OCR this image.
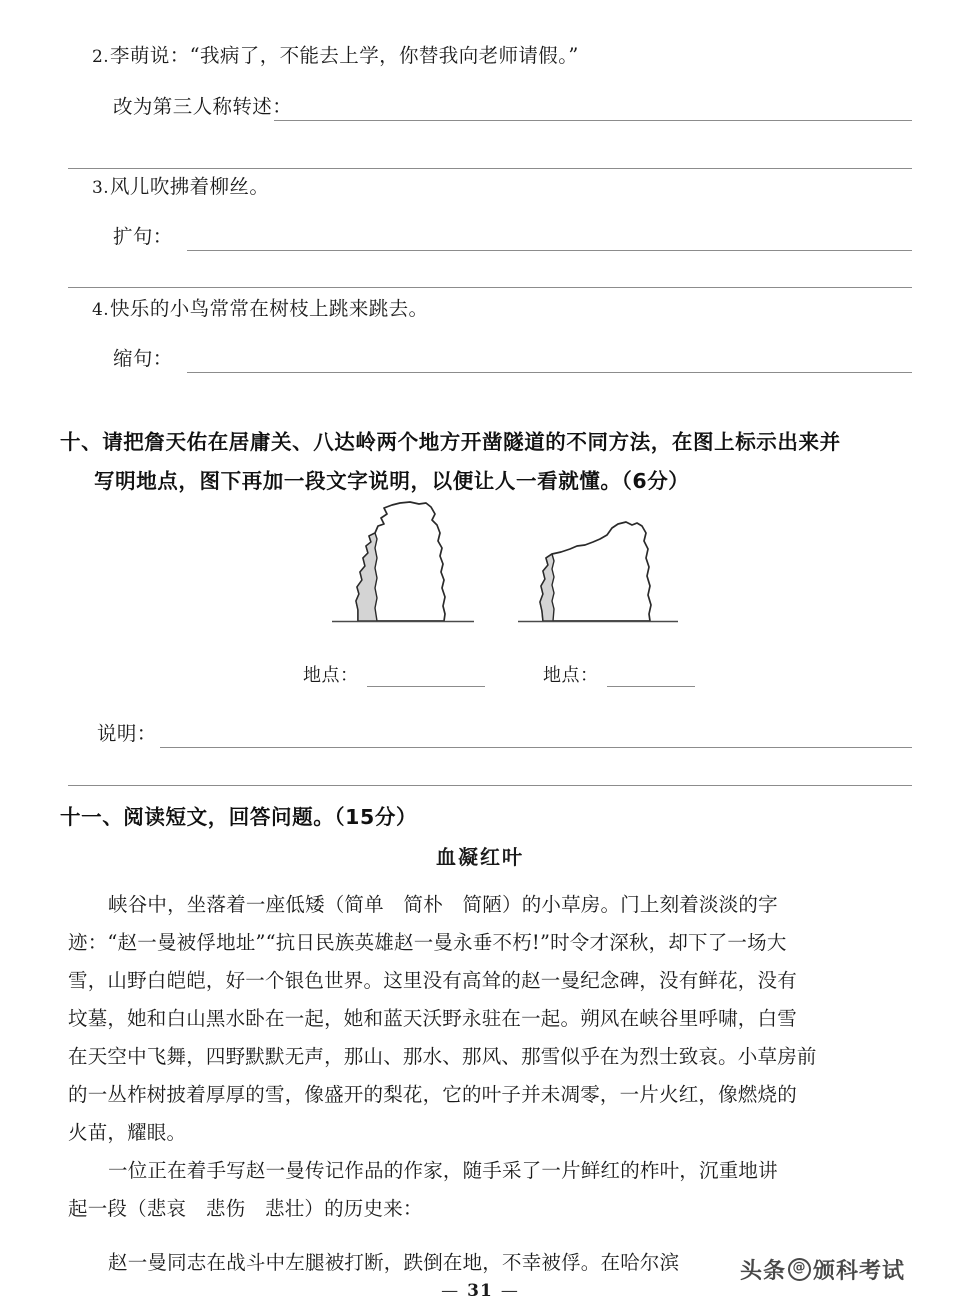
2.李萌说：“我病了，不能去上学，你替我向老师请假。”
改为第三人称转述：
3.风儿吹拂着柳丝。
扩句：
4.快乐的小鸟常常在树枝上跳来跳去。
缩句：
十、请把詹天佑在居庸关、八达岭两个地方开凿隧道的不同方法，在图上标示出来并
写明地点，图下再加一段文字说明，以便让人一看就懂。（6分）
地点：	地点：
说明：
十一、阅读短文，回答问题。（15分）
血凝红叶
峡谷中，坐落着一座低矮（简单　简朴　简陋）的小草房。门上刻着淡淡的字
迹：“赵一曼被俘地址”“抗日民族英雄赵一曼永垂不朽!”时令才深秋，却下了一场大
雪，山野白皑皑，好一个银色世界。这里没有高耸的赵一曼纪念碑，没有鲜花，没有
坟墓，她和白山黑水卧在一起，她和蓝天沃野永驻在一起。朔风在峡谷里呼啸，白雪
在天空中飞舞，四野默默无声，那山、那水、那风、那雪似乎在为烈士致哀。小草房前
的一丛柞树披着厚厚的雪，像盛开的梨花，它的叶子并未凋零，一片火红，像燃烧的
火苗，耀眼。
一位正在着手写赵一曼传记作品的作家，随手采了一片鲜红的柞叶，沉重地讲
起一段（悲哀　悲伤　悲壮）的历史来：
赵一曼同志在战斗中左腿被打断，跌倒在地，不幸被俘。在哈尔滨	头条 @ 颁科考试
— 31 —
